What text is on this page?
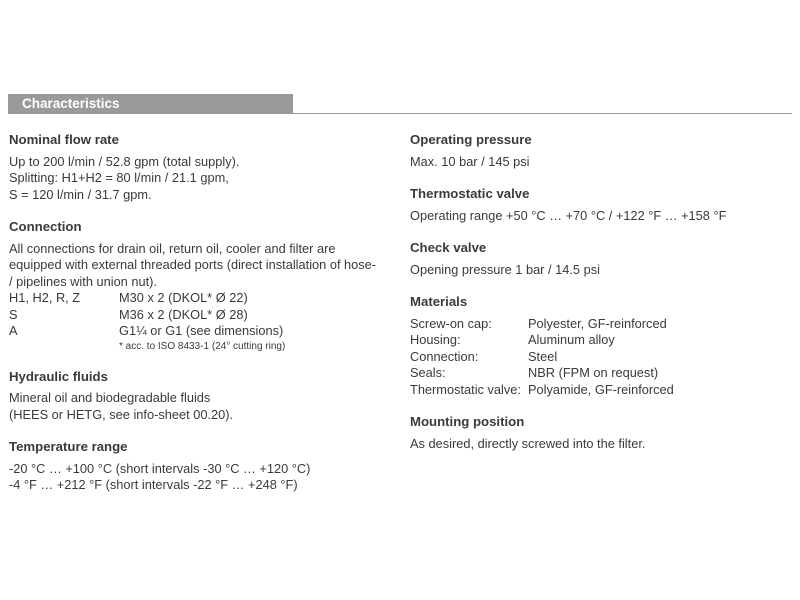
Characteristics
Nominal flow rate
Up to 200 l/min / 52.8 gpm (total supply).
Splitting: H1+H2 = 80 l/min / 21.1 gpm,
S = 120 l/min / 31.7 gpm.
Connection
All connections for drain oil, return oil, cooler and filter are equipped with external threaded ports (direct installation of hose- / pipelines with union nut).
H1, H2, R, Z	M30 x 2 (DKOL* Ø 22)
S	M36 x 2 (DKOL* Ø 28)
A	G1¼ or G1 (see dimensions)
* acc. to ISO 8433-1 (24° cutting ring)
Hydraulic fluids
Mineral oil and biodegradable fluids
(HEES or HETG, see info-sheet 00.20).
Temperature range
-20 °C … +100 °C (short intervals -30 °C … +120 °C)
-4 °F … +212 °F (short intervals -22 °F … +248 °F)
Operating pressure
Max. 10 bar / 145 psi
Thermostatic valve
Operating range +50 °C … +70 °C / +122 °F … +158 °F
Check valve
Opening pressure 1 bar / 14.5 psi
Materials
Screw-on cap:	Polyester, GF-reinforced
Housing:	Aluminum alloy
Connection:	Steel
Seals:	NBR (FPM on request)
Thermostatic valve:	Polyamide, GF-reinforced
Mounting position
As desired, directly screwed into the filter.
